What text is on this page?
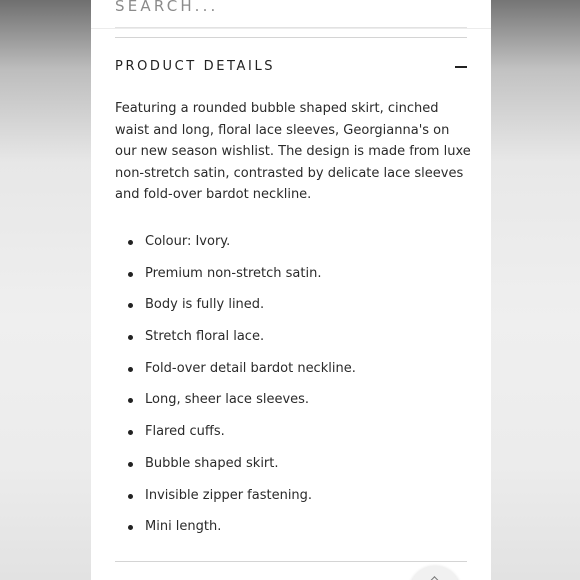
SEARCH...
PRODUCT DETAILS

Featuring a rounded bubble shaped skirt, cinched waist and long, floral lace sleeves, Georgianna's on our new season wishlist. The design is made from luxe non-stretch satin, contrasted by delicate lace sleeves and fold-over bardot neckline.

Colour: Ivory.
Premium non-stretch satin.
Body is fully lined.
Stretch floral lace.
Fold-over detail bardot neckline.
Long, sheer lace sleeves.
Flared cuffs.
Bubble shaped skirt.
Invisible zipper fastening.
Mini length.
